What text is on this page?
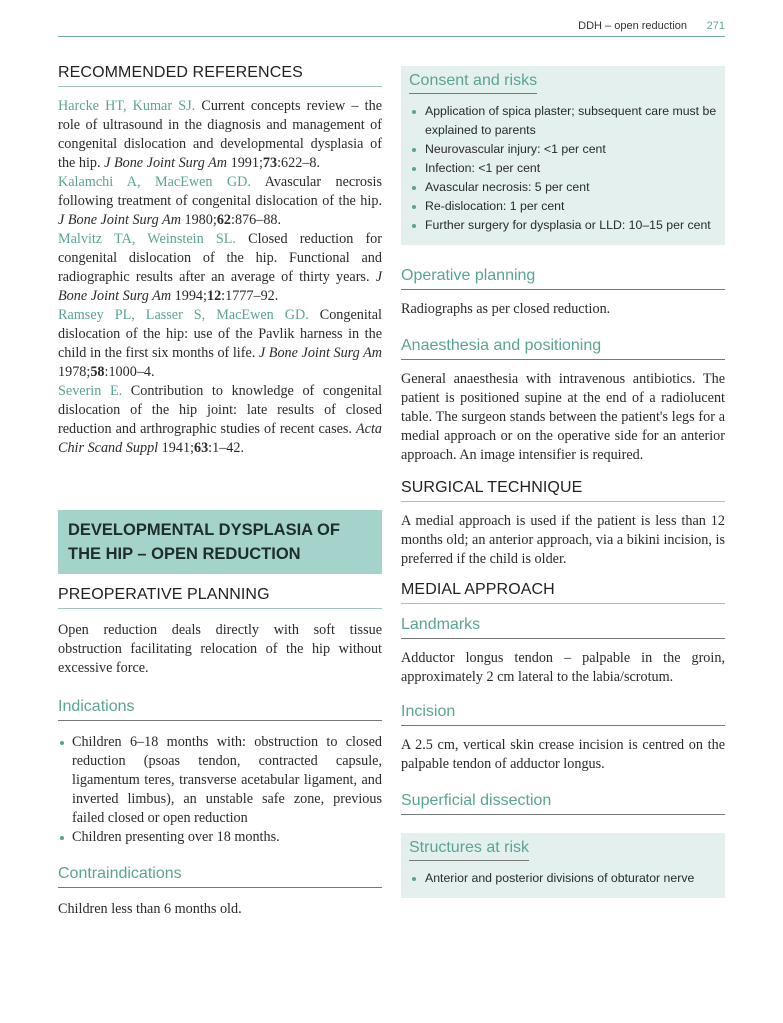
DDH – open reduction 271
RECOMMENDED REFERENCES

Harcke HT, Kumar SJ. Current concepts review – the role of ultrasound in the diagnosis and management of congenital dislocation and developmental dysplasia of the hip. J Bone Joint Surg Am 1991;73:622–8.

Kalamchi A, MacEwen GD. Avascular necrosis following treatment of congenital dislocation of the hip. J Bone Joint Surg Am 1980;62:876–88.

Malvitz TA, Weinstein SL. Closed reduction for congenital dislocation of the hip. Functional and radiographic results after an average of thirty years. J Bone Joint Surg Am 1994;12:1777–92.

Ramsey PL, Lasser S, MacEwen GD. Congenital dislocation of the hip: use of the Pavlik harness in the child in the first six months of life. J Bone Joint Surg Am 1978;58:1000–4.

Severin E. Contribution to knowledge of congenital dislocation of the hip joint: late results of closed reduction and arthrographic studies of recent cases. Acta Chir Scand Suppl 1941;63:1–42.

DEVELOPMENTAL DYSPLASIA OF THE HIP – OPEN REDUCTION
PREOPERATIVE PLANNING

Open reduction deals directly with soft tissue obstruction facilitating relocation of the hip without excessive force.

Indications
Children 6–18 months with: obstruction to closed reduction (psoas tendon, contracted capsule, ligamentum teres, transverse acetabular ligament, and inverted limbus), an unstable safe zone, previous failed closed or open reduction
Children presenting over 18 months.
Contraindications

Children less than 6 months old.

Consent and risks
Application of spica plaster; subsequent care must be explained to parents
Neurovascular injury: <1 per cent
Infection: <1 per cent
Avascular necrosis: 5 per cent
Re-dislocation: 1 per cent
Further surgery for dysplasia or LLD: 10–15 per cent
Operative planning

Radiographs as per closed reduction.

Anaesthesia and positioning

General anaesthesia with intravenous antibiotics. The patient is positioned supine at the end of a radiolucent table. The surgeon stands between the patient's legs for a medial approach or on the operative side for an anterior approach. An image intensifier is required.

SURGICAL TECHNIQUE

A medial approach is used if the patient is less than 12 months old; an anterior approach, via a bikini incision, is preferred if the child is older.

MEDIAL APPROACH
Landmarks

Adductor longus tendon – palpable in the groin, approximately 2 cm lateral to the labia/scrotum.

Incision

A 2.5 cm, vertical skin crease incision is centred on the palpable tendon of adductor longus.

Superficial dissection
Structures at risk
Anterior and posterior divisions of obturator nerve
